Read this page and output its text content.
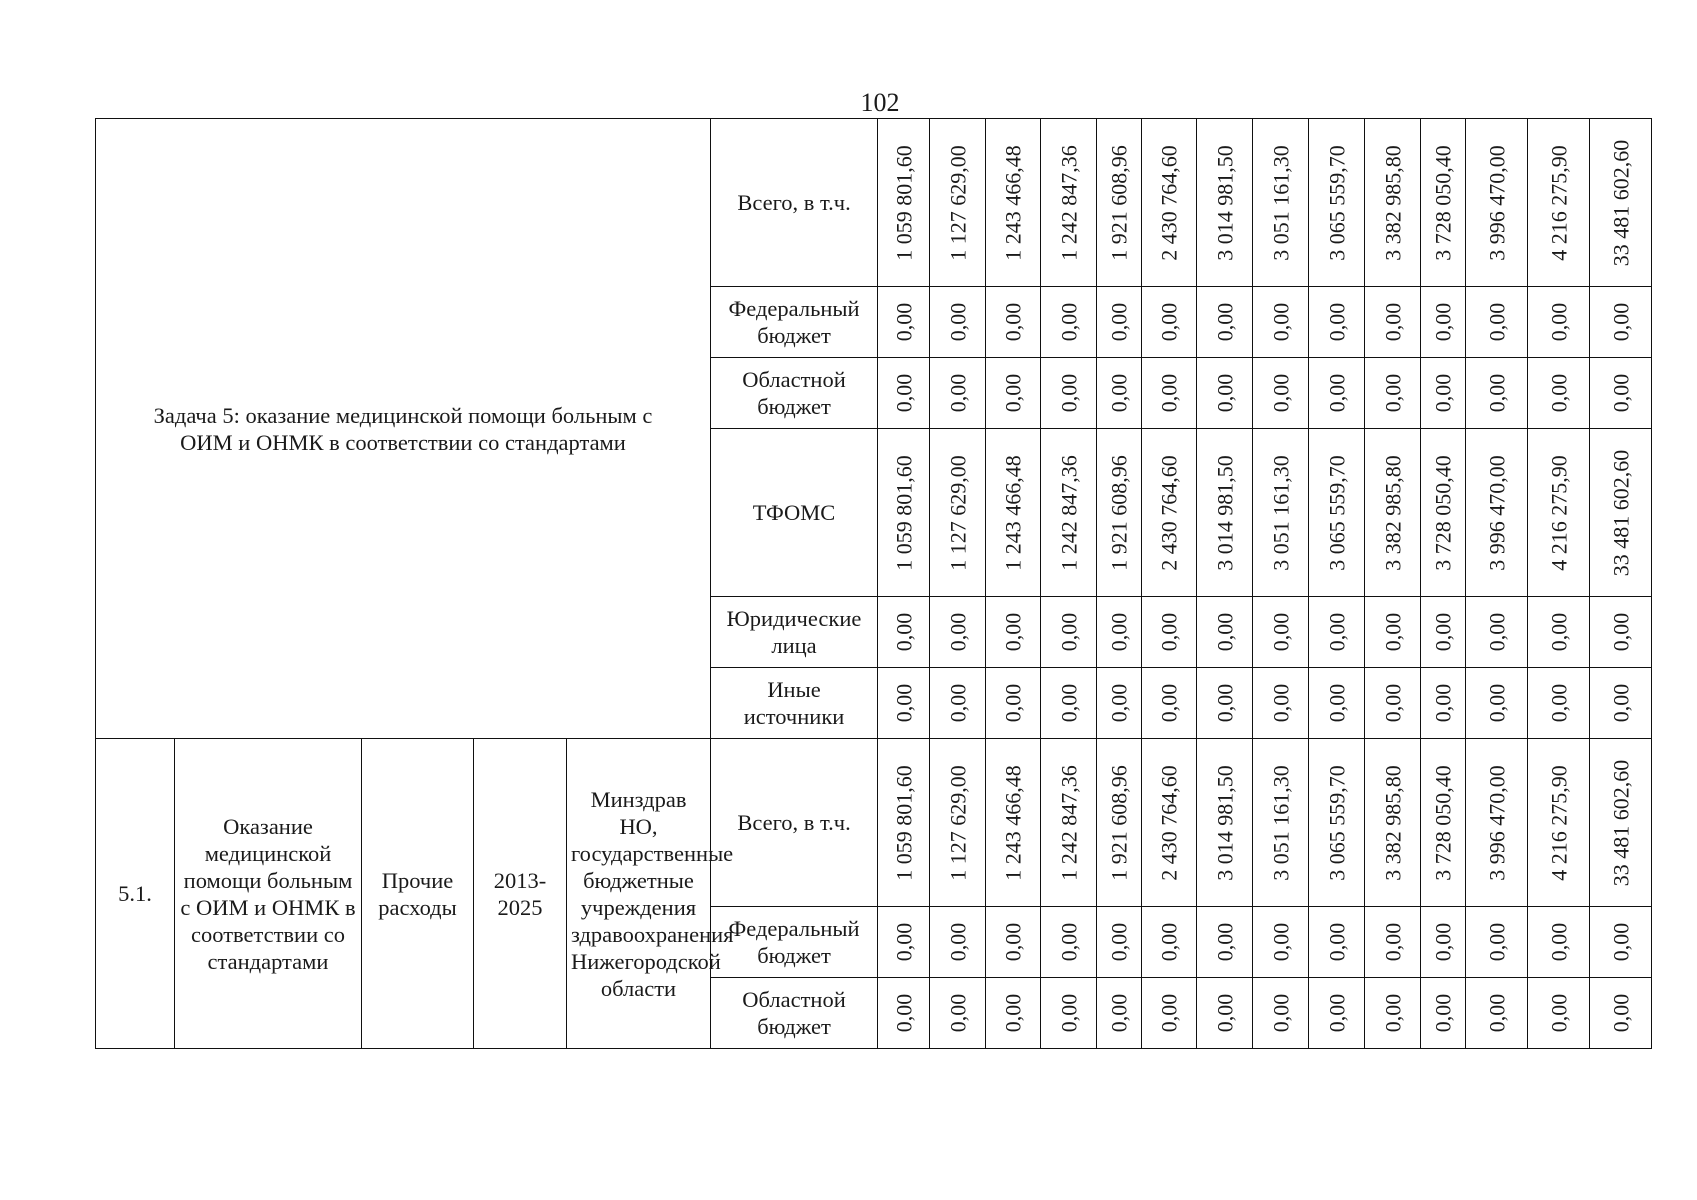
102
Задача 5: оказание медицинской помощи больным с ОИМ и ОНМК в соответствии со стандартами					Всего, в т.ч.	1 059 801,60	1 127 629,00	1 243 466,48	1 242 847,36	1 921 608,96	2 430 764,60	3 014 981,50	3 051 161,30	3 065 559,70	3 382 985,80	3 728 050,40	3 996 470,00	4 216 275,90	33 481 602,60

					Федеральный бюджет	0,00	0,00	0,00	0,00	0,00	0,00	0,00	0,00	0,00	0,00	0,00	0,00	0,00	0,00

					Областной бюджет	0,00	0,00	0,00	0,00	0,00	0,00	0,00	0,00	0,00	0,00	0,00	0,00	0,00	0,00

					ТФОМС	1 059 801,60	1 127 629,00	1 243 466,48	1 242 847,36	1 921 608,96	2 430 764,60	3 014 981,50	3 051 161,30	3 065 559,70	3 382 985,80	3 728 050,40	3 996 470,00	4 216 275,90	33 481 602,60

					Юридические лица	0,00	0,00	0,00	0,00	0,00	0,00	0,00	0,00	0,00	0,00	0,00	0,00	0,00	0,00

					Иные источники	0,00	0,00	0,00	0,00	0,00	0,00	0,00	0,00	0,00	0,00	0,00	0,00	0,00	0,00

5.1.	Оказание медицинской помощи больным с ОИМ и ОНМК в соответствии со стандартами	Прочие расходы	2013-2025	Минздрав НО, государственные бюджетные учреждения здравоохранения Нижегородской области	Всего, в т.ч.	1 059 801,60	1 127 629,00	1 243 466,48	1 242 847,36	1 921 608,96	2 430 764,60	3 014 981,50	3 051 161,30	3 065 559,70	3 382 985,80	3 728 050,40	3 996 470,00	4 216 275,90	33 481 602,60

					Федеральный бюджет	0,00	0,00	0,00	0,00	0,00	0,00	0,00	0,00	0,00	0,00	0,00	0,00	0,00	0,00

					Областной бюджет	0,00	0,00	0,00	0,00	0,00	0,00	0,00	0,00	0,00	0,00	0,00	0,00	0,00	0,00
